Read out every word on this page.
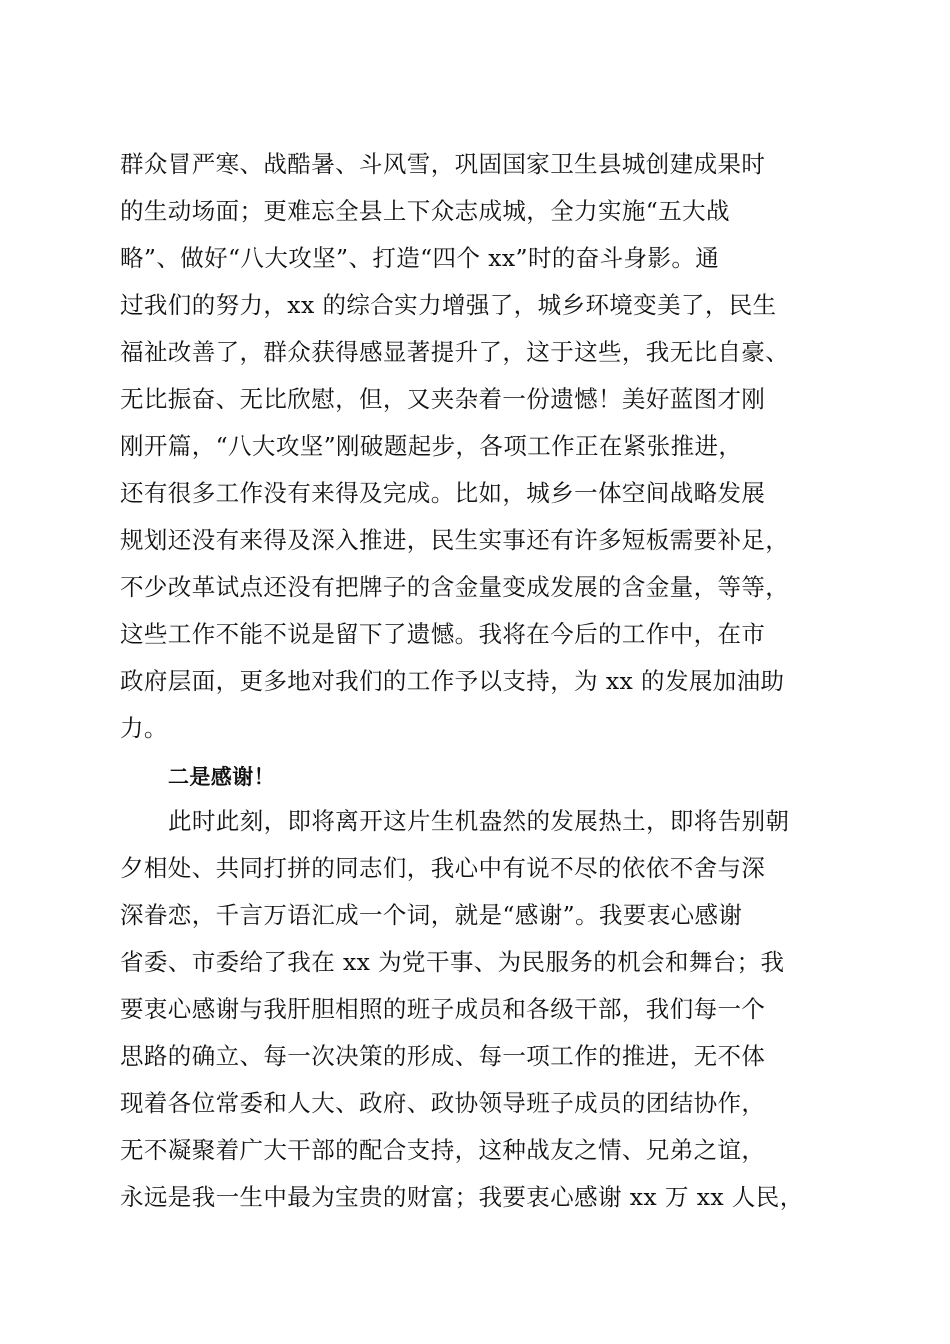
群众冒严寒、战酷暑、斗风雪，巩固国家卫生县城创建成果时
的生动场面；更难忘全县上下众志成城，全力实施“五大战
略”、做好“八大攻坚”、打造“四个 xx”时的奋斗身影。通
过我们的努力，xx 的综合实力增强了，城乡环境变美了，民生
福祉改善了，群众获得感显著提升了，这于这些，我无比自豪、
无比振奋、无比欣慰，但，又夹杂着一份遗憾！美好蓝图才刚
刚开篇，“八大攻坚”刚破题起步，各项工作正在紧张推进，
还有很多工作没有来得及完成。比如，城乡一体空间战略发展
规划还没有来得及深入推进，民生实事还有许多短板需要补足，
不少改革试点还没有把牌子的含金量变成发展的含金量，等等，
这些工作不能不说是留下了遗憾。我将在今后的工作中，在市
政府层面，更多地对我们的工作予以支持，为 xx 的发展加油助
力。
二是感谢！
此时此刻，即将离开这片生机盎然的发展热土，即将告别朝
夕相处、共同打拼的同志们，我心中有说不尽的依依不舍与深
深眷恋，千言万语汇成一个词，就是“感谢”。我要衷心感谢
省委、市委给了我在 xx 为党干事、为民服务的机会和舞台；我
要衷心感谢与我肝胆相照的班子成员和各级干部，我们每一个
思路的确立、每一次决策的形成、每一项工作的推进，无不体
现着各位常委和人大、政府、政协领导班子成员的团结协作，
无不凝聚着广大干部的配合支持，这种战友之情、兄弟之谊，
永远是我一生中最为宝贵的财富；我要衷心感谢 xx 万 xx 人民，
